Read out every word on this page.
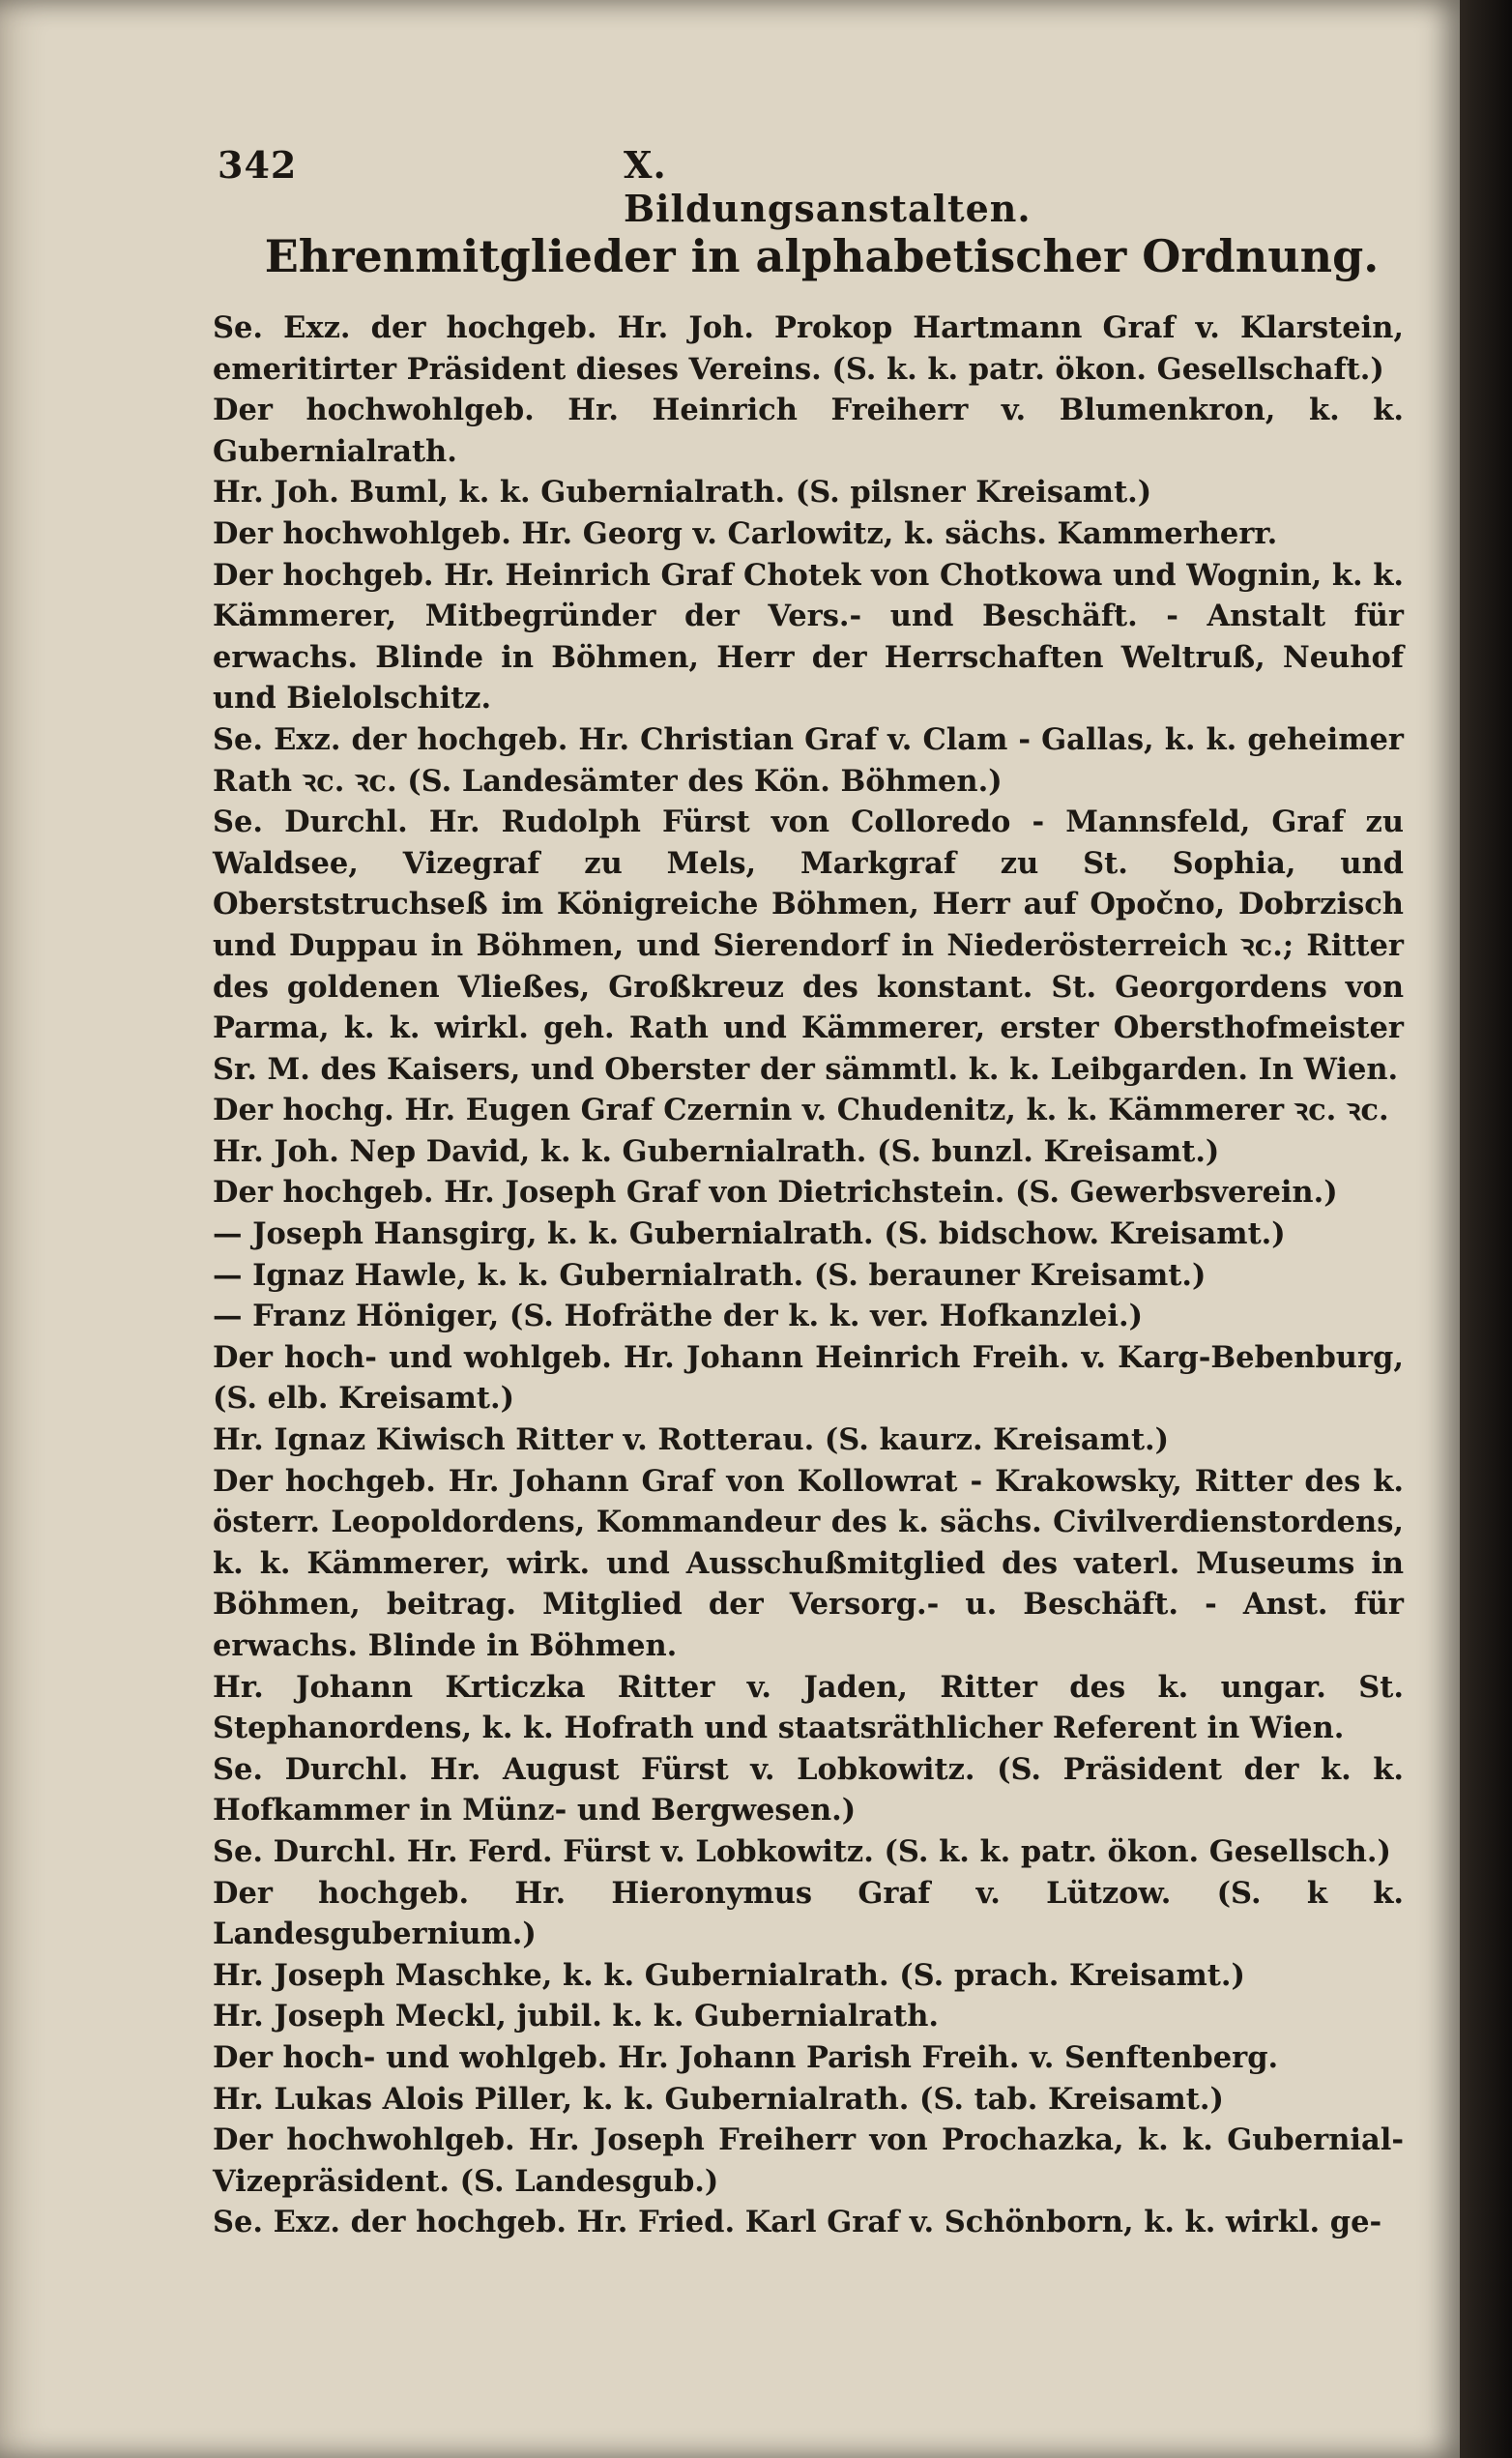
342	X. Bildungsanstalten.
Ehrenmitglieder in alphabetischer Ordnung.

Se. Exz. der hochgeb. Hr. Joh. Prokop Hartmann Graf v. Klarstein, emeritirter Präsident dieses Vereins. (S. k. k. patr. ökon. Gesellschaft.)

Der hochwohlgeb. Hr. Heinrich Freiherr v. Blumenkron, k. k. Gubernialrath.

Hr. Joh. Buml, k. k. Gubernialrath. (S. pilsner Kreisamt.)

Der hochwohlgeb. Hr. Georg v. Carlowitz, k. sächs. Kammerherr.

Der hochgeb. Hr. Heinrich Graf Chotek von Chotkowa und Wognin, k. k. Kämmerer, Mitbegründer der Vers.- und Beschäft. - Anstalt für erwachs. Blinde in Böhmen, Herr der Herrschaften Weltruß, Neuhof und Bielolschitz.

Se. Exz. der hochgeb. Hr. Christian Graf v. Clam - Gallas, k. k. geheimer Rath ꝛc. ꝛc. (S. Landesämter des Kön. Böhmen.)

Se. Durchl. Hr. Rudolph Fürst von Colloredo - Mannsfeld, Graf zu Waldsee, Vizegraf zu Mels, Markgraf zu St. Sophia, und Oberststruchseß im Königreiche Böhmen, Herr auf Opočno, Dobrzisch und Duppau in Böhmen, und Sierendorf in Niederösterreich ꝛc.; Ritter des goldenen Vließes, Großkreuz des konstant. St. Georgordens von Parma, k. k. wirkl. geh. Rath und Kämmerer, erster Obersthofmeister Sr. M. des Kaisers, und Oberster der sämmtl. k. k. Leibgarden. In Wien.

Der hochg. Hr. Eugen Graf Czernin v. Chudenitz, k. k. Kämmerer ꝛc. ꝛc.

Hr. Joh. Nep David, k. k. Gubernialrath. (S. bunzl. Kreisamt.)

Der hochgeb. Hr. Joseph Graf von Dietrichstein. (S. Gewerbsverein.)

— Joseph Hansgirg, k. k. Gubernialrath. (S. bidschow. Kreisamt.)

— Ignaz Hawle, k. k. Gubernialrath. (S. berauner Kreisamt.)

— Franz Höniger, (S. Hofräthe der k. k. ver. Hofkanzlei.)

Der hoch- und wohlgeb. Hr. Johann Heinrich Freih. v. Karg-Bebenburg, (S. elb. Kreisamt.)

Hr. Ignaz Kiwisch Ritter v. Rotterau. (S. kaurz. Kreisamt.)

Der hochgeb. Hr. Johann Graf von Kollowrat - Krakowsky, Ritter des k. österr. Leopoldordens, Kommandeur des k. sächs. Civilverdienstordens, k. k. Kämmerer, wirk. und Ausschußmitglied des vaterl. Museums in Böhmen, beitrag. Mitglied der Versorg.- u. Beschäft. - Anst. für erwachs. Blinde in Böhmen.

Hr. Johann Krticzka Ritter v. Jaden, Ritter des k. ungar. St. Stephanordens, k. k. Hofrath und staatsräthlicher Referent in Wien.

Se. Durchl. Hr. August Fürst v. Lobkowitz. (S. Präsident der k. k. Hofkammer in Münz- und Bergwesen.)

Se. Durchl. Hr. Ferd. Fürst v. Lobkowitz. (S. k. k. patr. ökon. Gesellsch.)

Der hochgeb. Hr. Hieronymus Graf v. Lützow. (S. k k. Landesgubernium.)

Hr. Joseph Maschke, k. k. Gubernialrath. (S. prach. Kreisamt.)

Hr. Joseph Meckl, jubil. k. k. Gubernialrath.

Der hoch- und wohlgeb. Hr. Johann Parish Freih. v. Senftenberg.

Hr. Lukas Alois Piller, k. k. Gubernialrath. (S. tab. Kreisamt.)

Der hochwohlgeb. Hr. Joseph Freiherr von Prochazka, k. k. Gubernial-Vizepräsident. (S. Landesgub.)

Se. Exz. der hochgeb. Hr. Fried. Karl Graf v. Schönborn, k. k. wirkl. ge-
